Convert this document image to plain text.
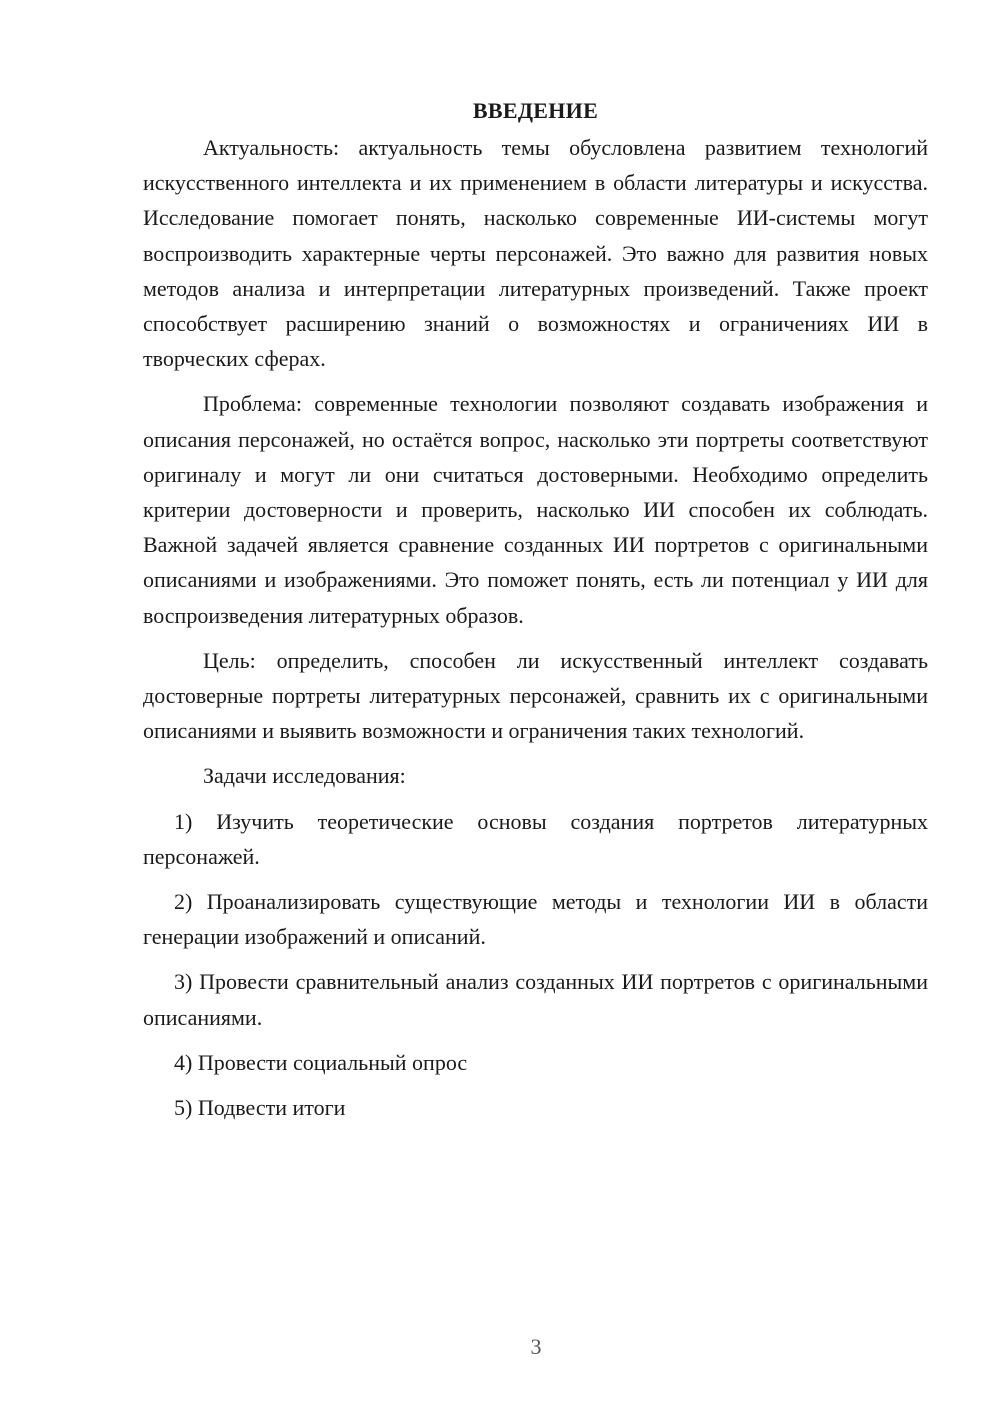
ВВЕДЕНИЕ

Актуальность: актуальность темы обусловлена развитием технологий искусственного интеллекта и их применением в области литературы и искусства. Исследование помогает понять, насколько современные ИИ-системы могут воспроизводить характерные черты персонажей. Это важно для развития новых методов анализа и интерпретации литературных произведений. Также проект способствует расширению знаний о возможностях и ограничениях ИИ в творческих сферах.

Проблема: современные технологии позволяют создавать изображения и описания персонажей, но остаётся вопрос, насколько эти портреты соответствуют оригиналу и могут ли они считаться достоверными. Необходимо определить критерии достоверности и проверить, насколько ИИ способен их соблюдать. Важной задачей является сравнение созданных ИИ портретов с оригинальными описаниями и изображениями. Это поможет понять, есть ли потенциал у ИИ для воспроизведения литературных образов.

Цель: определить, способен ли искусственный интеллект создавать достоверные портреты литературных персонажей, сравнить их с оригинальными описаниями и выявить возможности и ограничения таких технологий.

Задачи исследования:

1) Изучить теоретические основы создания портретов литературных персонажей.

2) Проанализировать существующие методы и технологии ИИ в области генерации изображений и описаний.

3) Провести сравнительный анализ созданных ИИ портретов с оригинальными описаниями.

4) Провести социальный опрос

5) Подвести итоги

3
